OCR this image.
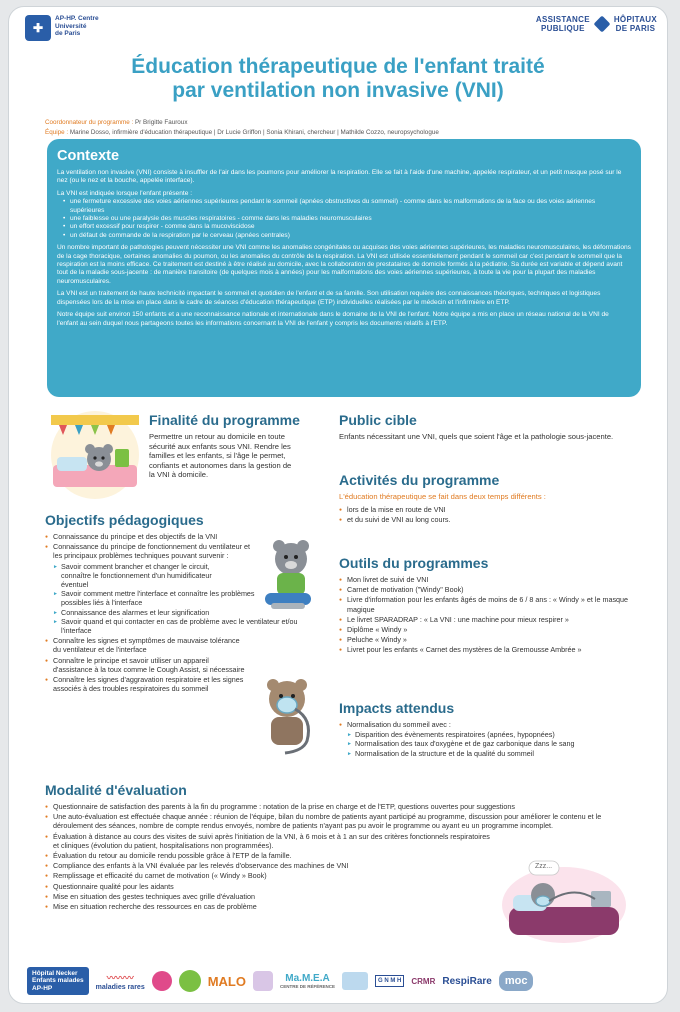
✚
AP-HP. Centre
Université
de Paris
ASSISTANCE
PUBLIQUE
HÔPITAUX
DE PARIS
Éducation thérapeutique de l'enfant traité
par ventilation non invasive (VNI)
Coordonnateur du programme : Pr Brigitte Fauroux
Équipe : Marine Dosso, infirmière d'éducation thérapeutique | Dr Lucie Griffon | Sonia Khirani, chercheur | Mathilde Cozzo, neuropsychologue
Contexte

La ventilation non invasive (VNI) consiste à insuffler de l'air dans les poumons pour améliorer la respiration. Elle se fait à l'aide d'une machine, appelée respirateur, et un petit masque posé sur le nez (ou le nez et la bouche, appelée interface).

La VNI est indiquée lorsque l'enfant présente :

• une fermeture excessive des voies aériennes supérieures pendant le sommeil (apnées obstructives du sommeil) - comme dans les malformations de la face ou des voies aériennes supérieures
• une faiblesse ou une paralysie des muscles respiratoires - comme dans les maladies neuromusculaires
• un effort excessif pour respirer - comme dans la mucoviscidose
• un défaut de commande de la respiration par le cerveau (apnées centrales)

Un nombre important de pathologies peuvent nécessiter une VNI comme les anomalies congénitales ou acquises des voies aériennes supérieures, les maladies neuromusculaires, les déformations de la cage thoracique, certaines anomalies du poumon, ou les anomalies du contrôle de la respiration. La VNI est utilisée essentiellement pendant le sommeil car c'est pendant le sommeil que la respiration est la moins efficace. Ce traitement est destiné à être réalisé au domicile, avec la collaboration de prestataires de domicile formés à la pédiatrie. Sa durée est variable et dépend avant tout de la maladie sous-jacente : de manière transitoire (de quelques mois à années) pour les malformations des voies aériennes supérieures, à toute la vie pour la plupart des maladies neuromusculaires.

La VNI est un traitement de haute technicité impactant le sommeil et quotidien de l'enfant et de sa famille. Son utilisation requière des connaissances théoriques, techniques et logistiques dispensées lors de la mise en place dans le cadre de séances d'éducation thérapeutique (ETP) individuelles réalisées par le médecin et l'infirmière en ETP.

Notre équipe suit environ 150 enfants et a une reconnaissance nationale et internationale dans le domaine de la VNI de l'enfant. Notre équipe a mis en place un réseau national de la VNI de l'enfant au sein duquel nous partageons toutes les informations concernant la VNI de l'enfant y compris les documents relatifs à l'ETP.

Finalité du programme
Permettre un retour au domicile en toute sécurité aux enfants sous VNI. Rendre les familles et les enfants, si l'âge le permet, confiants et autonomes dans la gestion de la VNI à domicile.
Public cible
Enfants nécessitant une VNI, quels que soient l'âge et la pathologie sous-jacente.
Activités du programme
L'éducation thérapeutique se fait dans deux temps différents :
● lors de la mise en route de VNI
● et du suivi de VNI au long cours.
Objectifs pédagogiques
● Connaissance du principe et des objectifs de la VNI
● Connaissance du principe de fonctionnement du ventilateur et les principaux problèmes techniques pouvant survenir :
► Savoir comment brancher et changer le circuit, connaître le fonctionnement d'un humidificateur éventuel
► Savoir comment mettre l'interface et connaître les problèmes possibles liés à l'interface
► Connaissance des alarmes et leur signification
► Savoir quand et qui contacter en cas de problème avec le ventilateur et/ou l'interface
● Connaître les signes et symptômes de mauvaise tolérance du ventilateur et de l'interface
● Connaître le principe et savoir utiliser un appareil d'assistance à la toux comme le Cough Assist, si nécessaire
● Connaître les signes d'aggravation respiratoire et les signes associés à des troubles respiratoires du sommeil
Outils du programmes
● Mon livret de suivi de VNI
● Carnet de motivation ("Windy" Book)
● Livre d'information pour les enfants âgés de moins de 6 / 8 ans : « Windy » et le masque magique
● Le livret SPARADRAP : « La VNI : une machine pour mieux respirer »
● Diplôme « Windy »
● Peluche « Windy »
● Livret pour les enfants « Carnet des mystères de la Gremousse Ambrée »
Impacts attendus
● Normalisation du sommeil avec :
► Disparition des évènements respiratoires (apnées, hypopnées)
► Normalisation des taux d'oxygène et de gaz carbonique dans le sang
► Normalisation de la structure et de la qualité du sommeil
Modalité d'évaluation
● Questionnaire de satisfaction des parents à la fin du programme : notation de la prise en charge et de l'ETP, questions ouvertes pour suggestions
● Une auto-évaluation est effectuée chaque année : réunion de l'équipe, bilan du nombre de patients ayant participé au programme, discussion pour améliorer le contenu et le déroulement des séances, nombre de compte rendus envoyés, nombre de patients n'ayant pas pu avoir le programme ou ayant eu un programme incomplet.
● Évaluation à distance au cours des visites de suivi après l'initiation de la VNI, à 6 mois et à 1 an sur des critères fonctionnels respiratoires et cliniques (évolution du patient, hospitalisations non programmées).
● Évaluation du retour au domicile rendu possible grâce à l'ETP de la famille.
● Compliance des enfants à la VNI évaluée par les relevés d'observance des machines de VNI
● Remplissage et efficacité du carnet de motivation (« Windy » Book)
● Questionnaire qualité pour les aidants
● Mise en situation des gestes techniques avec grille d'évaluation
● Mise en situation recherche des ressources en cas de problème
Zzz...
Hôpital Necker
Enfants malades
AP-HP
〰〰〰
maladies rares	MALO	Ma.M.E.A
CENTRE DE RÉFÉRENCE
G N M H	CRMR RespiRare	moc
